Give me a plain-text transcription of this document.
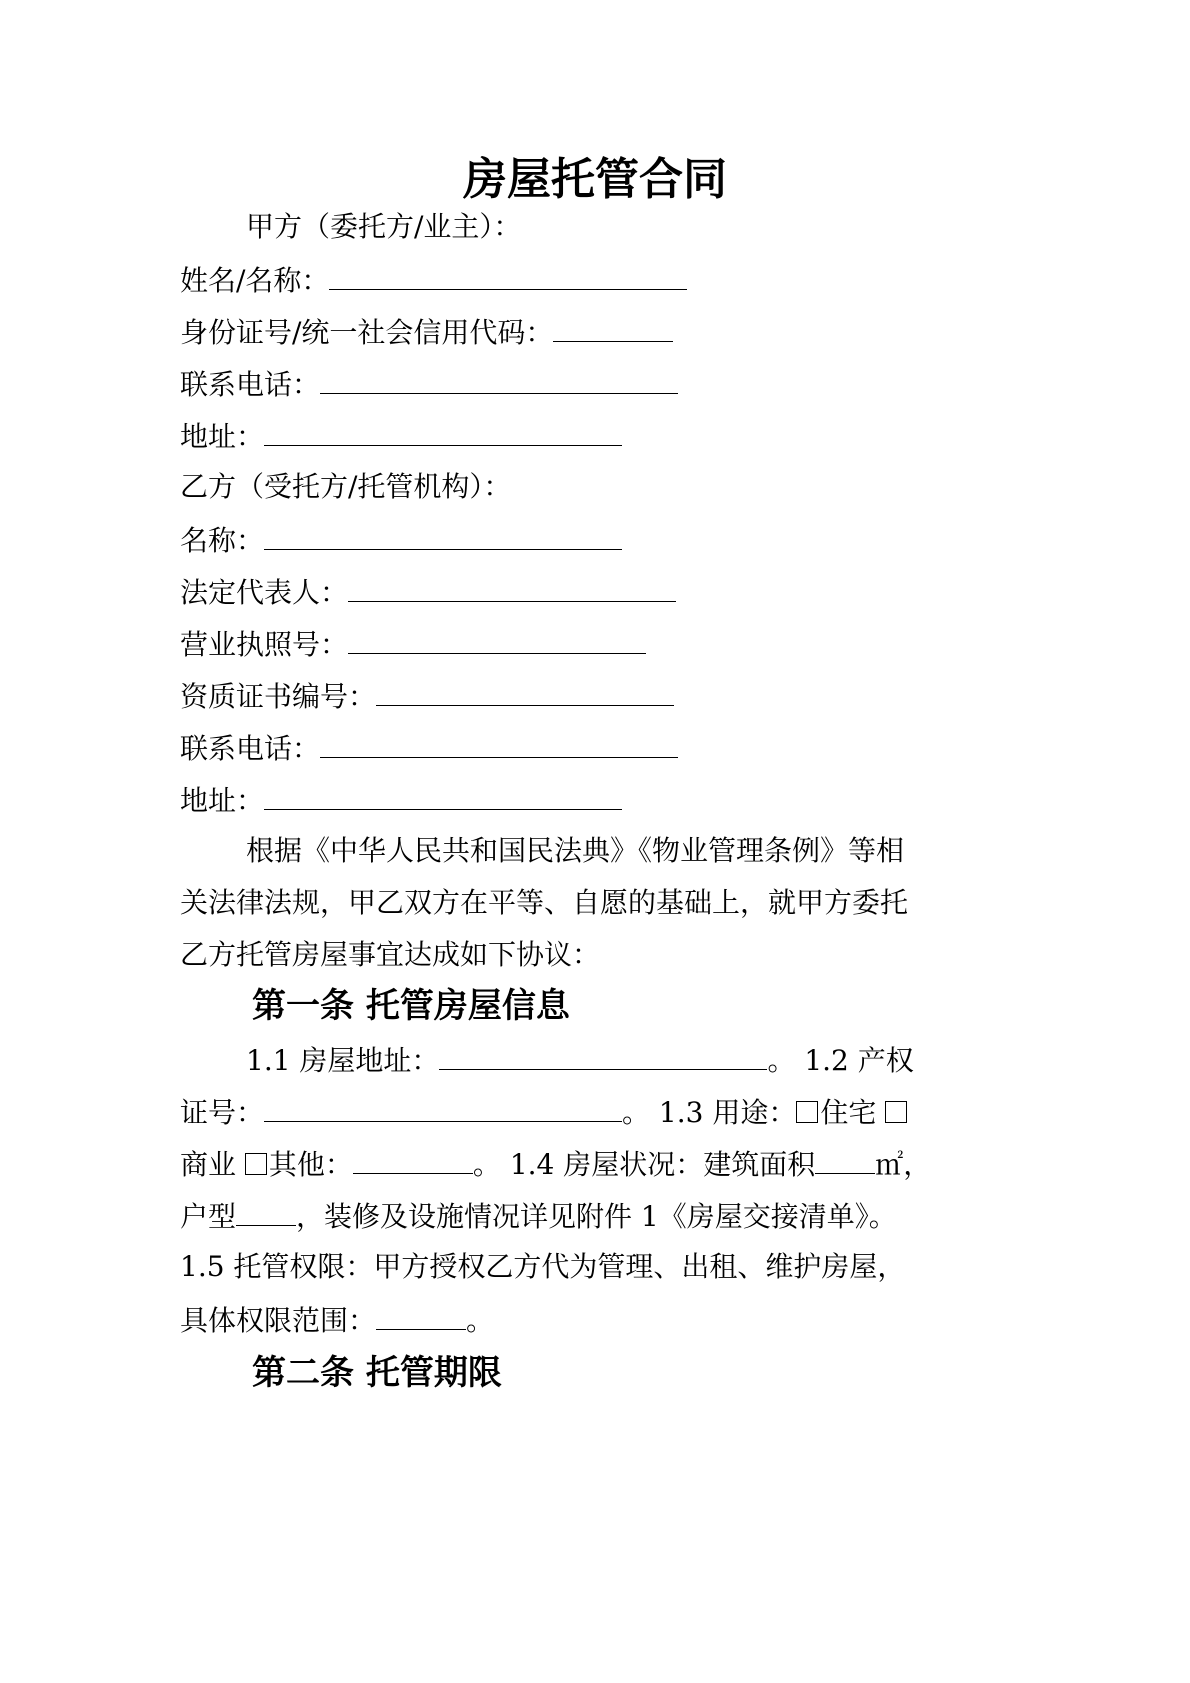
房屋托管合同
甲方（委托方/业主）：
姓名/名称：
身份证号/统一社会信用代码：
联系电话：
地址：
乙方（受托方/托管机构）：
名称：
法定代表人：
营业执照号：
资质证书编号：
联系电话：
地址：
根据《中华人民共和国民法典》《物业管理条例》等相
关法律法规，甲乙双方在平等、自愿的基础上，就甲方委托
乙方托管房屋事宜达成如下协议：
第一条 托管房屋信息
1.1 房屋地址：	。 1.2 产权
证号：	。 1.3 用途： 住宅
商业 其他：	。 1.4 房屋状况：建筑面积 ㎡，
户型 ，装修及设施情况详见附件 1《房屋交接清单》。
1.5 托管权限：甲方授权乙方代为管理、出租、维护房屋，
具体权限范围：	。
第二条 托管期限
